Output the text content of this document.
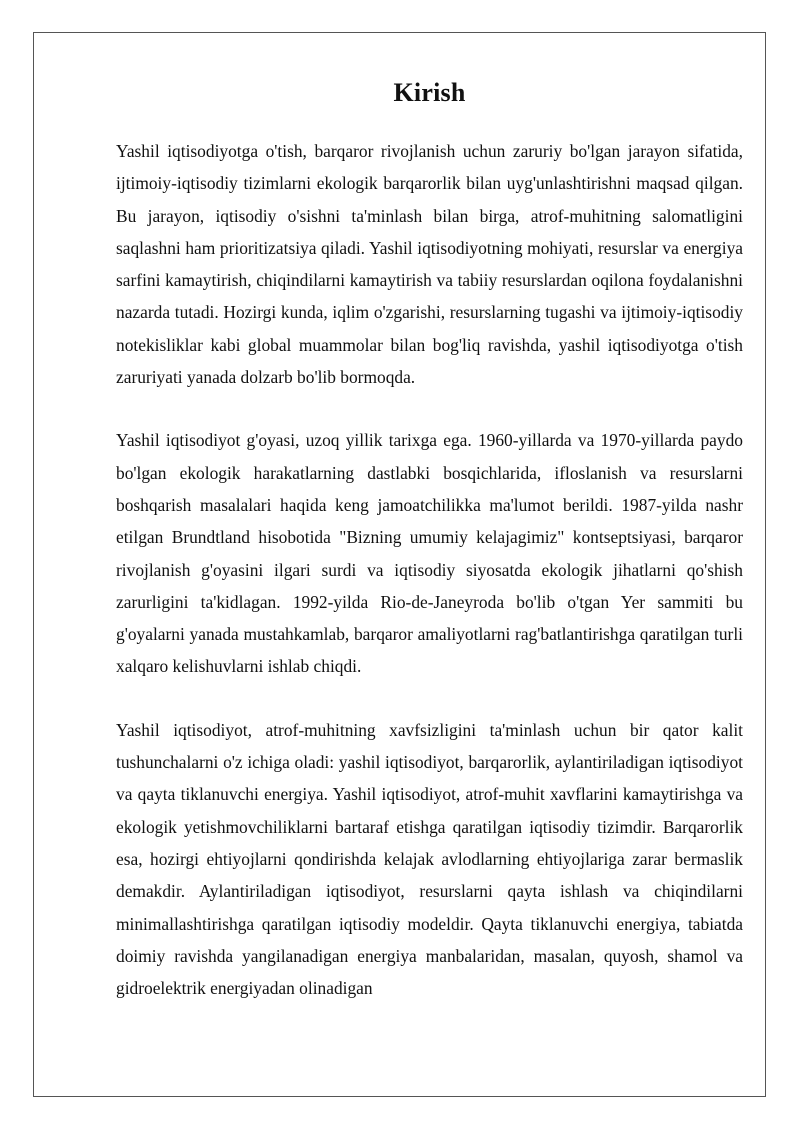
Kirish

Yashil iqtisodiyotga o'tish, barqaror rivojlanish uchun zaruriy bo'lgan jarayon sifatida, ijtimoiy-iqtisodiy tizimlarni ekologik barqarorlik bilan uyg'unlashtirishni maqsad qilgan. Bu jarayon, iqtisodiy o'sishni ta'minlash bilan birga, atrof-muhitning salomatligini saqlashni ham prioritizatsiya qiladi. Yashil iqtisodiyotning mohiyati, resurslar va energiya sarfini kamaytirish, chiqindilarni kamaytirish va tabiiy resurslardan oqilona foydalanishni nazarda tutadi. Hozirgi kunda, iqlim o'zgarishi, resurslarning tugashi va ijtimoiy-iqtisodiy notekisliklar kabi global muammolar bilan bog'liq ravishda, yashil iqtisodiyotga o'tish zaruriyati yanada dolzarb bo'lib bormoqda.

Yashil iqtisodiyot g'oyasi, uzoq yillik tarixga ega. 1960-yillarda va 1970-yillarda paydo bo'lgan ekologik harakatlarning dastlabki bosqichlarida, ifloslanish va resurslarni boshqarish masalalari haqida keng jamoatchilikka ma'lumot berildi. 1987-yilda nashr etilgan Brundtland hisobotida "Bizning umumiy kelajagimiz" kontseptsiyasi, barqaror rivojlanish g'oyasini ilgari surdi va iqtisodiy siyosatda ekologik jihatlarni qo'shish zarurligini ta'kidlagan. 1992-yilda Rio-de-Janeyroda bo'lib o'tgan Yer sammiti bu g'oyalarni yanada mustahkamlab, barqaror amaliyotlarni rag'batlantirishga qaratilgan turli xalqaro kelishuvlarni ishlab chiqdi.

Yashil iqtisodiyot, atrof-muhitning xavfsizligini ta'minlash uchun bir qator kalit tushunchalarni o'z ichiga oladi: yashil iqtisodiyot, barqarorlik, aylantiriladigan iqtisodiyot va qayta tiklanuvchi energiya. Yashil iqtisodiyot, atrof-muhit xavflarini kamaytirishga va ekologik yetishmovchiliklarni bartaraf etishga qaratilgan iqtisodiy tizimdir. Barqarorlik esa, hozirgi ehtiyojlarni qondirishda kelajak avlodlarning ehtiyojlariga zarar bermaslik demakdir. Aylantiriladigan iqtisodiyot, resurslarni qayta ishlash va chiqindilarni minimallashtirishga qaratilgan iqtisodiy modeldir. Qayta tiklanuvchi energiya, tabiatda doimiy ravishda yangilanadigan energiya manbalaridan, masalan, quyosh, shamol va gidroelektrik energiyadan olinadigan
